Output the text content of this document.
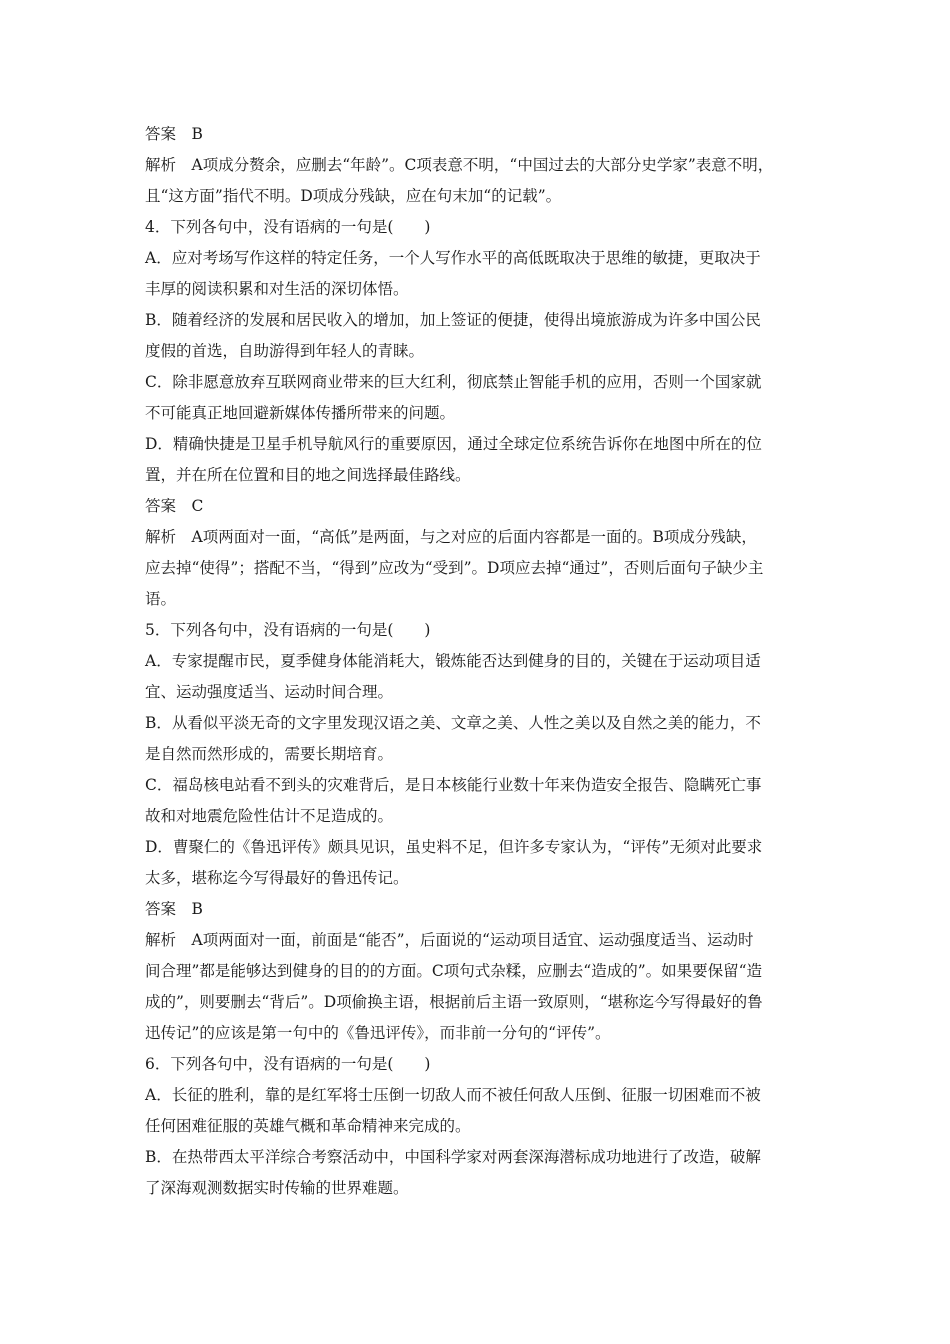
答案　B
解析　A项成分赘余，应删去“年龄”。C项表意不明，“中国过去的大部分史学家”表意不明，
且“这方面”指代不明。D项成分残缺，应在句末加“的记载”。
4．下列各句中，没有语病的一句是(　　)
A．应对考场写作这样的特定任务，一个人写作水平的高低既取决于思维的敏捷，更取决于
丰厚的阅读积累和对生活的深切体悟。
B．随着经济的发展和居民收入的增加，加上签证的便捷，使得出境旅游成为许多中国公民
度假的首选，自助游得到年轻人的青睐。
C．除非愿意放弃互联网商业带来的巨大红利，彻底禁止智能手机的应用，否则一个国家就
不可能真正地回避新媒体传播所带来的问题。
D．精确快捷是卫星手机导航风行的重要原因，通过全球定位系统告诉你在地图中所在的位
置，并在所在位置和目的地之间选择最佳路线。
答案　C
解析　A项两面对一面，“高低”是两面，与之对应的后面内容都是一面的。B项成分残缺，
应去掉“使得”；搭配不当，“得到”应改为“受到”。D项应去掉“通过”，否则后面句子缺少主
语。
5．下列各句中，没有语病的一句是(　　)
A．专家提醒市民，夏季健身体能消耗大，锻炼能否达到健身的目的，关键在于运动项目适
宜、运动强度适当、运动时间合理。
B．从看似平淡无奇的文字里发现汉语之美、文章之美、人性之美以及自然之美的能力，不
是自然而然形成的，需要长期培育。
C．福岛核电站看不到头的灾难背后，是日本核能行业数十年来伪造安全报告、隐瞒死亡事
故和对地震危险性估计不足造成的。
D．曹聚仁的《鲁迅评传》颇具见识，虽史料不足，但许多专家认为，“评传”无须对此要求
太多，堪称迄今写得最好的鲁迅传记。
答案　B
解析　A项两面对一面，前面是“能否”，后面说的“运动项目适宜、运动强度适当、运动时
间合理”都是能够达到健身的目的的方面。C项句式杂糅，应删去“造成的”。如果要保留“造
成的”，则要删去“背后”。D项偷换主语，根据前后主语一致原则，“堪称迄今写得最好的鲁
迅传记”的应该是第一句中的《鲁迅评传》，而非前一分句的“评传”。
6．下列各句中，没有语病的一句是(　　)
A．长征的胜利，靠的是红军将士压倒一切敌人而不被任何敌人压倒、征服一切困难而不被
任何困难征服的英雄气概和革命精神来完成的。
B．在热带西太平洋综合考察活动中，中国科学家对两套深海潜标成功地进行了改造，破解
了深海观测数据实时传输的世界难题。
